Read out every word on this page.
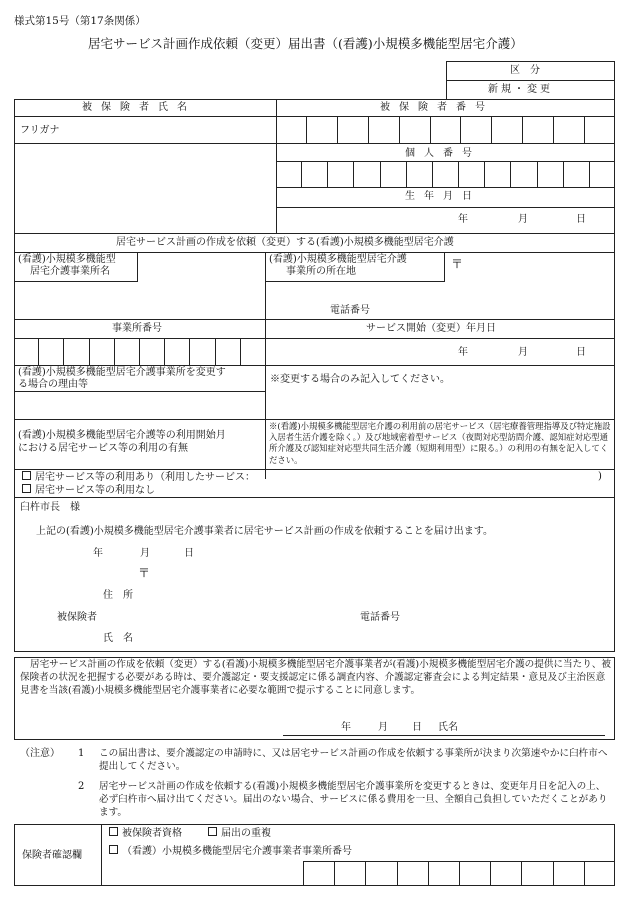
様式第15号（第17条関係）
居宅サービス計画作成依頼（変更）届出書（(看護)小規模多機能型居宅介護）
区　分
新規・変更
被保険者氏名	被保険者番号
フリガナ
個人番号
生年月日
年	月	日
居宅サービス計画の作成を依頼（変更）する(看護)小規模多機能型居宅介護
(看護)小規模多機能型
居宅介護事業所名
(看護)小規模多機能型居宅介護
事業所の所在地
〒
電話番号
事業所番号	サービス開始（変更）年月日
年	月	日
(看護)小規模多機能型居宅介護事業所を変更す
る場合の理由等	※変更する場合のみ記入してください。
(看護)小規模多機能型居宅介護等の利用開始月
における居宅サービス等の利用の有無
※(看護)小規模多機能型居宅介護の利用前の居宅サービス（居宅療養管理指導及び特定施設入居者生活介護を除く。）及び地域密着型サービス（夜間対応型訪問介護、認知症対応型通所介護及び認知症対応型共同生活介護（短期利用型）に限る。）の利用の有無を記入してください。
居宅サービス等の利用あり（利用したサービス：	)
居宅サービス等の利用なし
臼杵市長　様
上記の(看護)小規模多機能型居宅介護事業者に居宅サービス計画の作成を依頼することを届け出ます。
年	月	日
〒
住　所
被保険者	電話番号
氏　名
居宅サービス計画の作成を依頼（変更）する(看護)小規模多機能型居宅介護事業者が(看護)小規模多機能型居宅介護の提供に当たり、被保険者の状況を把握する必要がある時は、要介護認定・要支援認定に係る調査内容、介護認定審査会による判定結果・意見及び主治医意見書を当該(看護)小規模多機能型居宅介護事業者に必要な範囲で提示することに同意します。
年	月 日 氏名
（注意） 1 この届出書は、要介護認定の申請時に、又は居宅サービス計画の作成を依頼する事業所が決まり次第速やかに臼杵市へ提出してください。
2 居宅サービス計画の作成を依頼する(看護)小規模多機能型居宅介護事業所を変更するときは、変更年月日を記入の上、必ず臼杵市へ届け出てください。届出のない場合、サービスに係る費用を一旦、全額自己負担していただくことがあります。
保険者確認欄
被保険者資格	届出の重複
（看護）小規模多機能型居宅介護事業者事業所番号
